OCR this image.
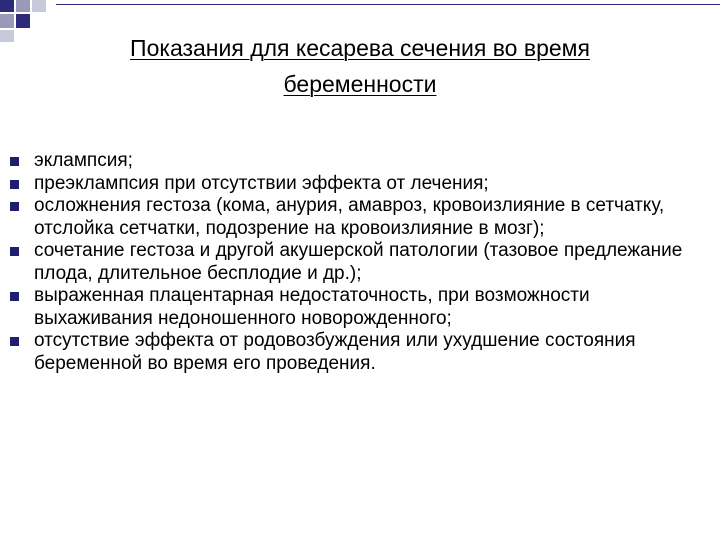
Показания для кесарева сечения во время беременности
эклампсия;
преэклампсия при отсутствии эффекта от лечения;
осложнения гестоза (кома, анурия, амавроз, кровоизлияние в сетчатку, отслойка сетчатки, подозрение на кровоизлияние в мозг);
сочетание гестоза и другой акушерской патологии (тазовое предлежание плода, длительное бесплодие и др.);
выраженная плацентарная недостаточность, при возможности выхаживания недоношенного новорожденного;
отсутствие эффекта от родовозбуждения или ухудшение состояния беременной во время его проведения.
